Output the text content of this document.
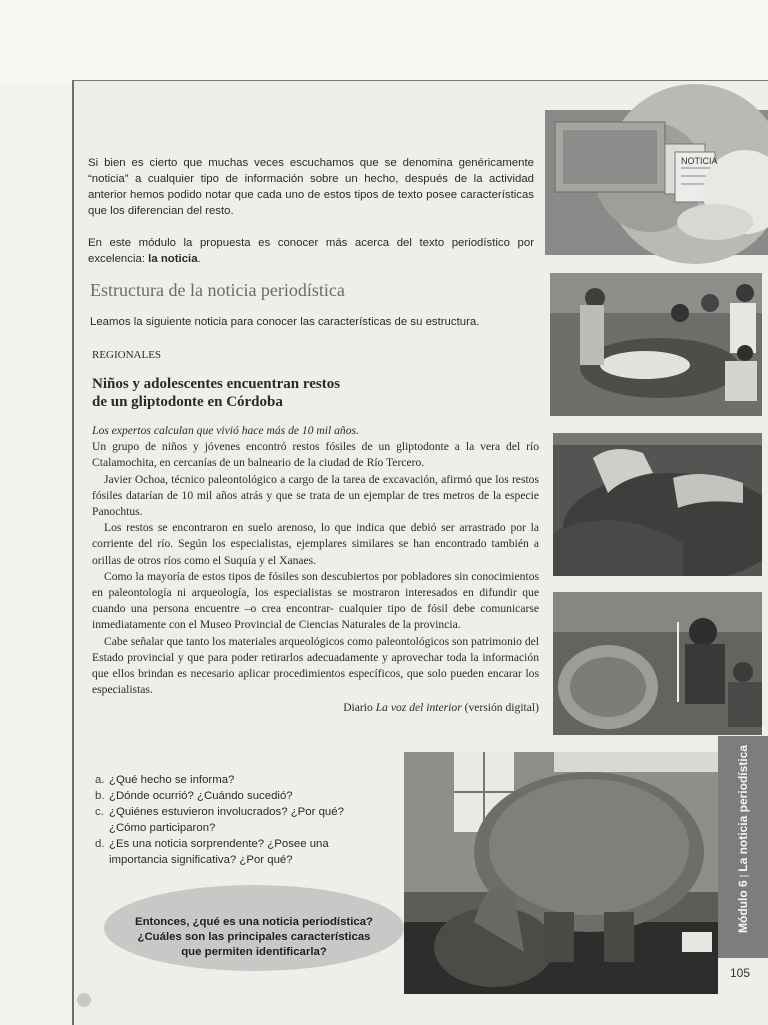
Si bien es cierto que muchas veces escuchamos que se denomina genéricamente “noticia” a cualquier tipo de información sobre un hecho, después de la actividad anterior hemos podido notar que cada uno de estos tipos de texto posee características que los diferencian del resto.

En este módulo la propuesta es conocer más acerca del texto periodístico por excelencia: la noticia.

Estructura de la noticia periodística

Leamos la siguiente noticia para conocer las características de su estructura.

REGIONALES
Niños y adolescentes encuentran restos
de un gliptodonte en Córdoba

Los expertos calculan que vivió hace más de 10 mil años.

Un grupo de niños y jóvenes encontró restos fósiles de un gliptodonte a la vera del río Ctalamochita, en cercanías de un balneario de la ciudad de Río Tercero.

Javier Ochoa, técnico paleontológico a cargo de la tarea de excavación, afirmó que los restos fósiles datarían de 10 mil años atrás y que se trata de un ejemplar de tres metros de la especie Panochtus.

Los restos se encontraron en suelo arenoso, lo que indica que debió ser arrastrado por la corriente del río. Según los especialistas, ejemplares similares se han encontrado también a orillas de otros ríos como el Suquía y el Xanaes.

Como la mayoría de estos tipos de fósiles son descubiertos por pobladores sin conocimientos en paleontología ni arqueología, los especialistas se mostraron interesados en difundir que cuando una persona encuentre –o crea encontrar- cualquier tipo de fósil debe comunicarse inmediatamente con el Museo Provincial de Ciencias Naturales de la provincia.

Cabe señalar que tanto los materiales arqueológicos como paleontológicos son patrimonio del Estado provincial y que para poder retirarlos adecuadamente y aprovechar toda la información que ellos brindan es necesario aplicar procedimientos específicos, que solo pueden encarar los especialistas.

Diario La voz del interior (versión digital)
NOTICIA
a. ¿Qué hecho se informa?
b. ¿Dónde ocurrió? ¿Cuándo sucedió?
c. ¿Quiénes estuvieron involucrados? ¿Por qué? ¿Cómo participaron?
d. ¿Es una noticia sorprendente? ¿Posee una importancia significativa? ¿Por qué?
Entonces, ¿qué es una noticia periodística?
¿Cuáles son las principales características
que permiten identificarla?
Módulo 6 | La noticia periodística
105
